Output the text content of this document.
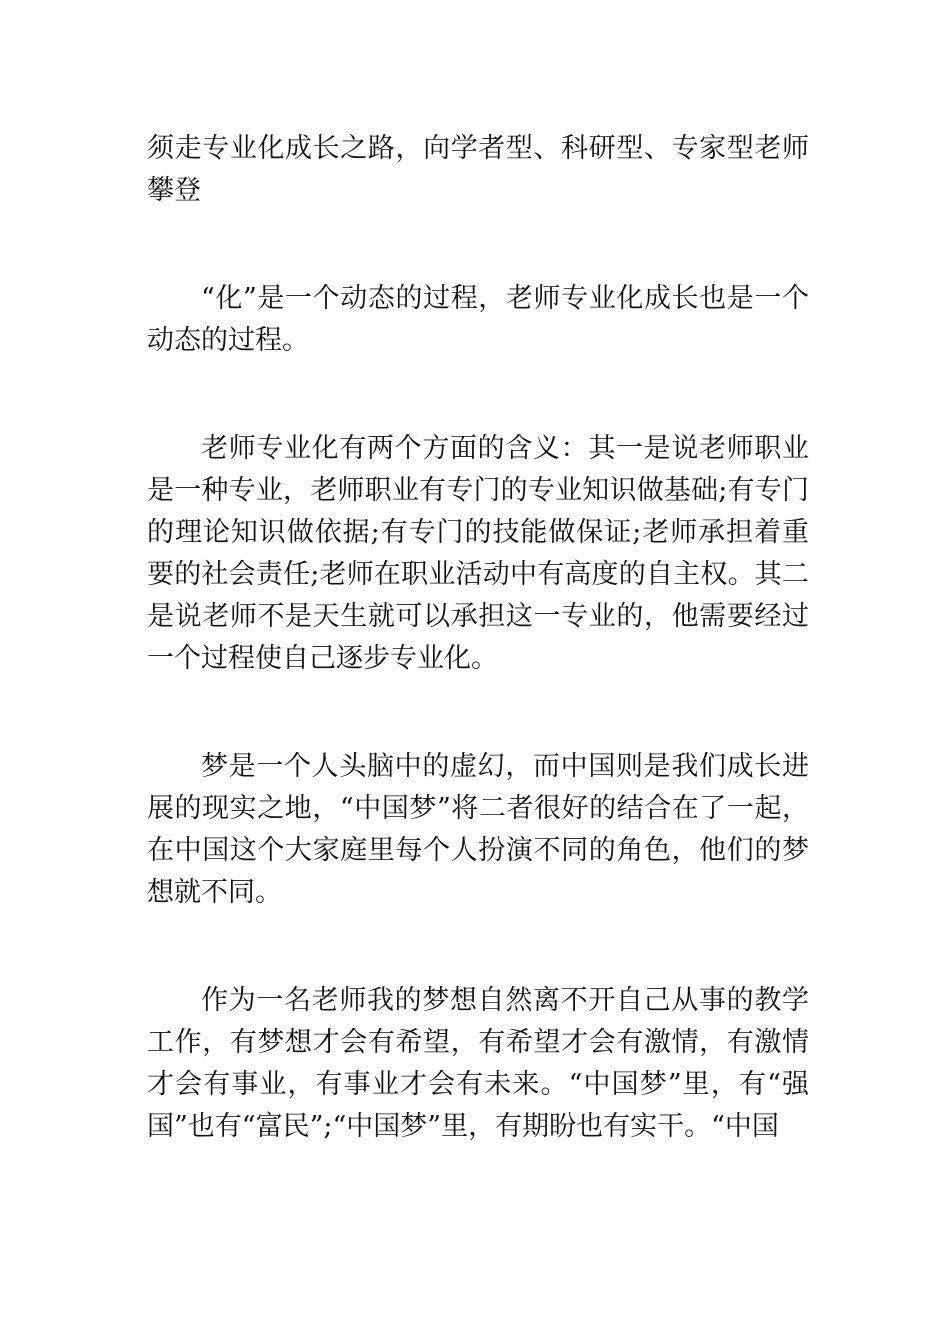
须走专业化成长之路，向学者型、科研型、专家型老师攀登

“化”是一个动态的过程，老师专业化成长也是一个动态的过程。

老师专业化有两个方面的含义：其一是说老师职业是一种专业，老师职业有专门的专业知识做基础;有专门的理论知识做依据;有专门的技能做保证;老师承担着重要的社会责任;老师在职业活动中有高度的自主权。其二是说老师不是天生就可以承担这一专业的，他需要经过一个过程使自己逐步专业化。

梦是一个人头脑中的虚幻，而中国则是我们成长进展的现实之地，“中国梦”将二者很好的结合在了一起，在中国这个大家庭里每个人扮演不同的角色，他们的梦想就不同。

作为一名老师我的梦想自然离不开自己从事的教学工作，有梦想才会有希望，有希望才会有激情，有激情才会有事业，有事业才会有未来。“中国梦”里，有“强国”也有“富民”;“中国梦”里，有期盼也有实干。“中国
